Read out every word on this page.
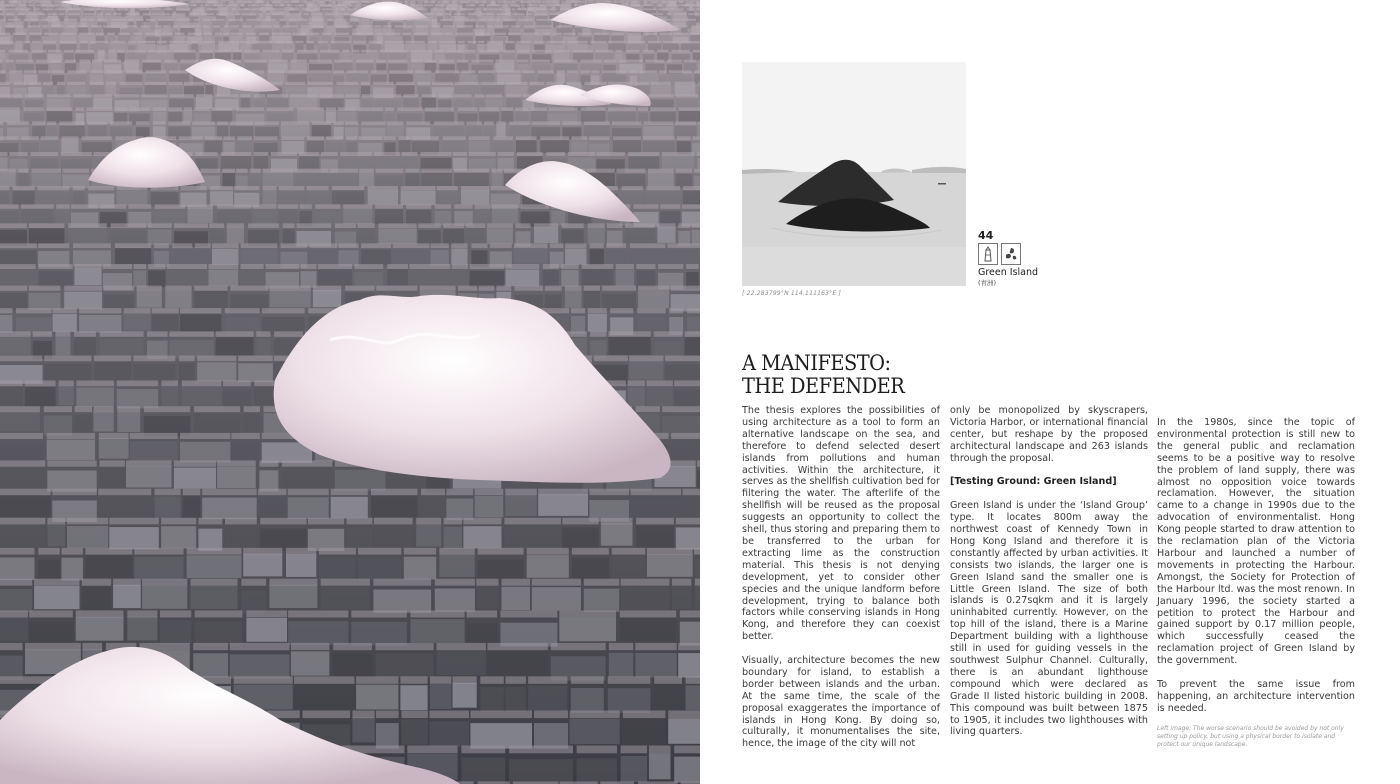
[ 22.283799°N 114.111163°E ]
44
Green Island
(青洲)
A MANIFESTO:
THE DEFENDER

The thesis explores the possibilities of using architecture as a tool to form an alternative landscape on the sea, and therefore to defend selected desert islands from pollutions and human activities. Within the architecture, it serves as the shellfish cultivation bed for filtering the water. The afterlife of the shellfish will be reused as the proposal suggests an opportunity to collect the shell, thus storing and preparing them to be transferred to the urban for extracting lime as the construction material. This thesis is not denying development, yet to consider other species and the unique landform before development, trying to balance both factors while conserving islands in Hong Kong, and therefore they can coexist better.

Visually, architecture becomes the new boundary for island, to establish a border between islands and the urban. At the same time, the scale of the proposal exaggerates the importance of islands in Hong Kong. By doing so, culturally, it monumentalises the site, hence, the image of the city will not

only be monopolized by skyscrapers, Victoria Harbor, or international financial center, but reshape by the proposed architectural landscape and 263 islands through the proposal.

[Testing Ground: Green Island]

Green Island is under the ‘Island Group’ type. It locates 800m away the northwest coast of Kennedy Town in Hong Kong Island and therefore it is constantly affected by urban activities. It consists two islands, the larger one is Green Island sand the smaller one is Little Green Island. The size of both islands is 0.27sqkm and it is largely uninhabited currently. However, on the top hill of the island, there is a Marine Department building with a lighthouse still in used for guiding vessels in the southwest Sulphur Channel. Culturally, there is an abundant lighthouse compound which were declared as Grade II listed historic building in 2008. This compound was built between 1875 to 1905, it includes two lighthouses with living quarters.

In the 1980s, since the topic of environmental protection is still new to the general public and reclamation seems to be a positive way to resolve the problem of land supply, there was almost no opposition voice towards reclamation. However, the situation came to a change in 1990s due to the advocation of environmentalist. Hong Kong people started to draw attention to the reclamation plan of the Victoria Harbour and launched a number of movements in protecting the Harbour. Amongst, the Society for Protection of the Harbour ltd. was the most renown. In January 1996, the society started a petition to protect the Harbour and gained support by 0.17 million people, which successfully ceased the reclamation project of Green Island by the government.

To prevent the same issue from happening, an architecture intervention is needed.

Left image: The worse scenario should be avoided by not only setting up policy, but using a physical border to isolate and protect our unique landscape.
